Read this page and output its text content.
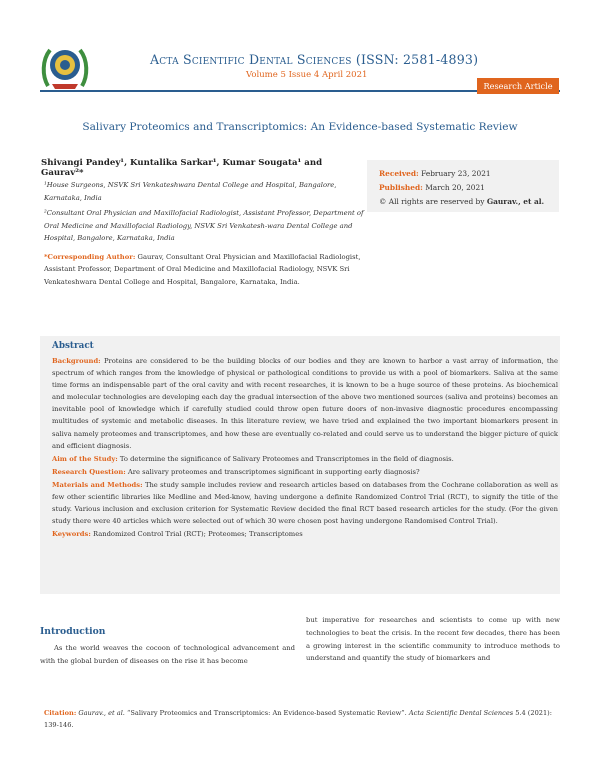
Acta Scientific Dental Sciences (ISSN: 2581-4893)
Volume 5 Issue 4 April 2021
Research Article
Salivary Proteomics and Transcriptomics: An Evidence-based Systematic Review
Shivangi Pandey¹, Kuntalika Sarkar¹, Kumar Sougata¹ and Gaurav²*
¹House Surgeons, NSVK Sri Venkateshwara Dental College and Hospital, Bangalore, Karnataka, India
²Consultant Oral Physician and Maxillofacial Radiologist, Assistant Professor, Department of Oral Medicine and Maxillofacial Radiology, NSVK Sri Venkatesh-wara Dental College and Hospital, Bangalore, Karnataka, India
*Corresponding Author: Gaurav, Consultant Oral Physician and Maxillofacial Radiologist, Assistant Professor, Department of Oral Medicine and Maxillofacial Radiology, NSVK Sri Venkateshwara Dental College and Hospital, Bangalore, Karnataka, India.
Received: February 23, 2021
Published: March 20, 2021
© All rights are reserved by Gaurav., et al.
Abstract

Background: Proteins are considered to be the building blocks of our bodies and they are known to harbor a vast array of information, the spectrum of which ranges from the knowledge of physical or pathological conditions to provide us with a pool of biomarkers. Saliva at the same time forms an indispensable part of the oral cavity and with recent researches, it is known to be a huge source of these proteins. As biochemical and molecular technologies are developing each day the gradual intersection of the above two mentioned sources (saliva and proteins) becomes an inevitable pool of knowledge which if carefully studied could throw open future doors of non-invasive diagnostic procedures encompassing multitudes of systemic and metabolic diseases. In this literature review, we have tried and explained the two important biomarkers present in saliva namely proteomes and transcriptomes, and how these are eventually co-related and could serve us to understand the bigger picture of quick and efficient diagnosis.

Aim of the Study: To determine the significance of Salivary Proteomes and Transcriptomes in the field of diagnosis.

Research Question: Are salivary proteomes and transcriptomes significant in supporting early diagnosis?

Materials and Methods: The study sample includes review and research articles based on databases from the Cochrane collaboration as well as few other scientific libraries like Medline and Med-know, having undergone a definite Randomized Control Trial (RCT), to signify the title of the study. Various inclusion and exclusion criterion for Systematic Review decided the final RCT based research articles for the study. (For the given study there were 40 articles which were selected out of which 30 were chosen post having undergone Randomised Control Trial).

Keywords: Randomized Control Trial (RCT); Proteomes; Transcriptomes

Introduction
As the world weaves the cocoon of technological advancement and with the global burden of diseases on the rise it has become
but imperative for researches and scientists to come up with new technologies to beat the crisis. In the recent few decades, there has been a growing interest in the scientific community to introduce methods to understand and quantify the study of biomarkers and
Citation: Gaurav., et al. “Salivary Proteomics and Transcriptomics: An Evidence-based Systematic Review”. Acta Scientific Dental Sciences 5.4 (2021): 139-146.
